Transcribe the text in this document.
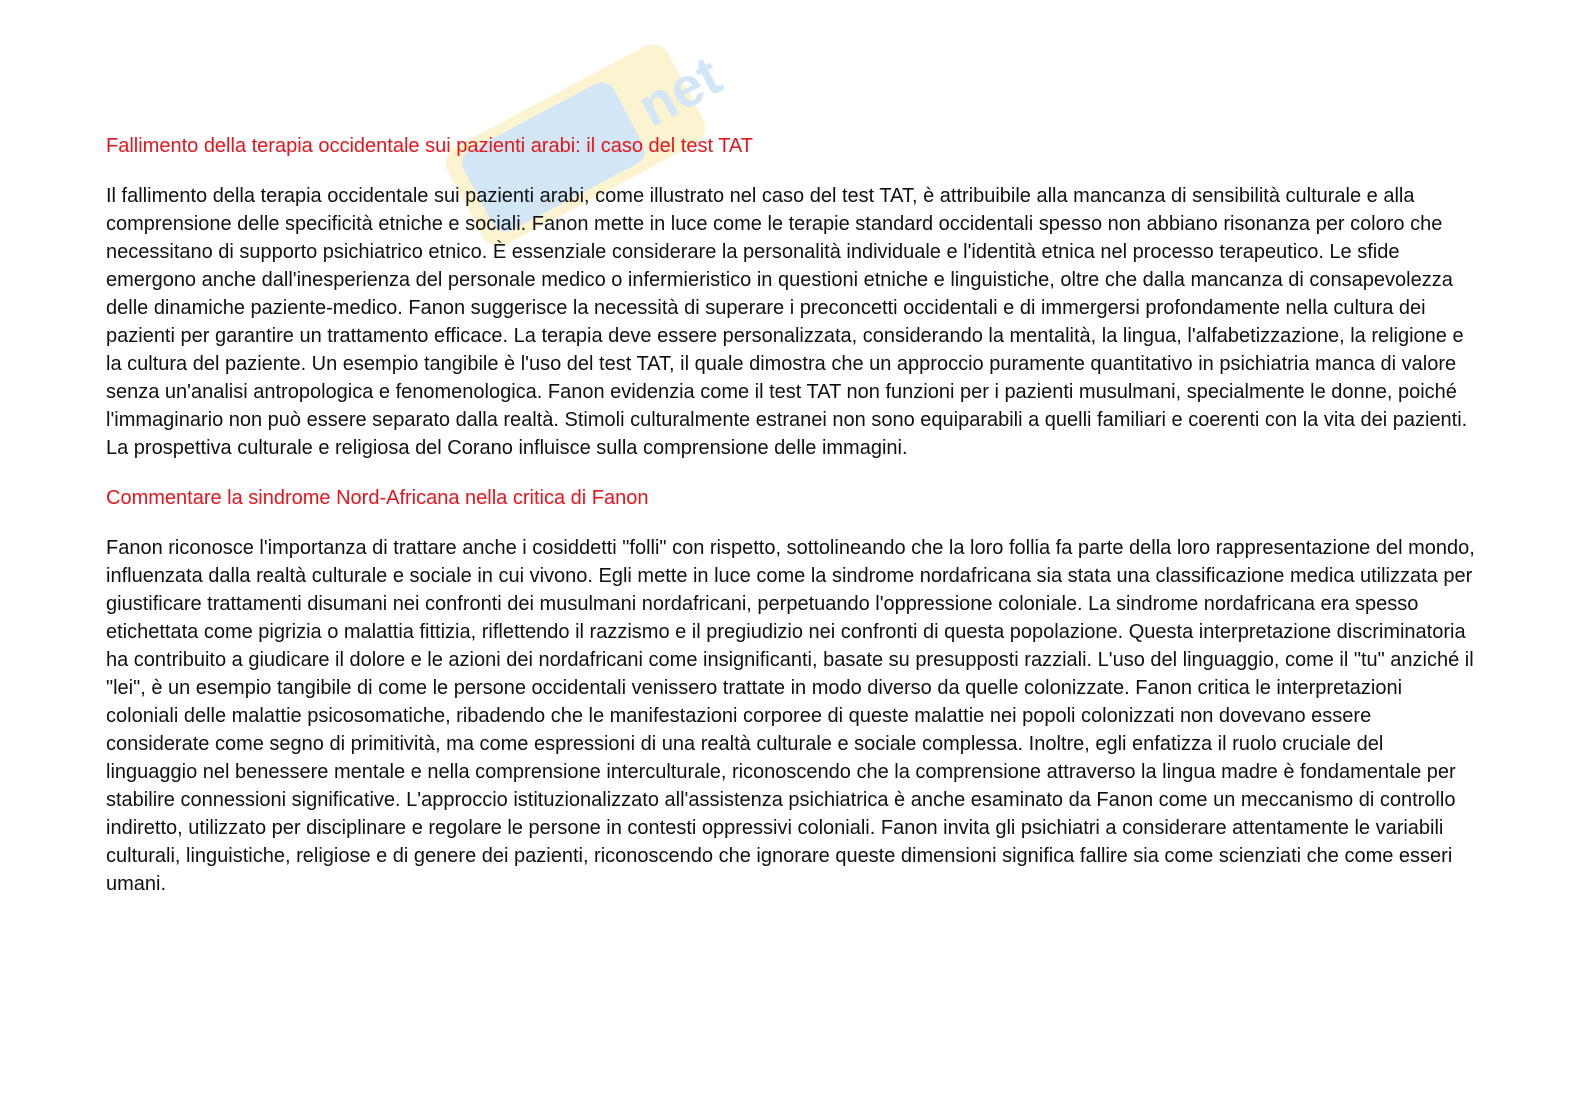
net
Fallimento della terapia occidentale sui pazienti arabi: il caso del test TAT
Il fallimento della terapia occidentale sui pazienti arabi, come illustrato nel caso del test TAT, è attribuibile alla mancanza di sensibilità culturale e alla comprensione delle specificità etniche e sociali. Fanon mette in luce come le terapie standard occidentali spesso non abbiano risonanza per coloro che necessitano di supporto psichiatrico etnico. È essenziale considerare la personalità individuale e l'identità etnica nel processo terapeutico. Le sfide emergono anche dall'inesperienza del personale medico o infermieristico in questioni etniche e linguistiche, oltre che dalla mancanza di consapevolezza delle dinamiche paziente-medico. Fanon suggerisce la necessità di superare i preconcetti occidentali e di immergersi profondamente nella cultura dei pazienti per garantire un trattamento efficace. La terapia deve essere personalizzata, considerando la mentalità, la lingua, l'alfabetizzazione, la religione e la cultura del paziente. Un esempio tangibile è l'uso del test TAT, il quale dimostra che un approccio puramente quantitativo in psichiatria manca di valore senza un'analisi antropologica e fenomenologica. Fanon evidenzia come il test TAT non funzioni per i pazienti musulmani, specialmente le donne, poiché l'immaginario non può essere separato dalla realtà. Stimoli culturalmente estranei non sono equiparabili a quelli familiari e coerenti con la vita dei pazienti. La prospettiva culturale e religiosa del Corano influisce sulla comprensione delle immagini.
Commentare la sindrome Nord-Africana nella critica di Fanon
Fanon riconosce l'importanza di trattare anche i cosiddetti "folli" con rispetto, sottolineando che la loro follia fa parte della loro rappresentazione del mondo, influenzata dalla realtà culturale e sociale in cui vivono. Egli mette in luce come la sindrome nordafricana sia stata una classificazione medica utilizzata per giustificare trattamenti disumani nei confronti dei musulmani nordafricani, perpetuando l'oppressione coloniale. La sindrome nordafricana era spesso etichettata come pigrizia o malattia fittizia, riflettendo il razzismo e il pregiudizio nei confronti di questa popolazione. Questa interpretazione discriminatoria ha contribuito a giudicare il dolore e le azioni dei nordafricani come insignificanti, basate su presupposti razziali. L'uso del linguaggio, come il "tu" anziché il "lei", è un esempio tangibile di come le persone occidentali venissero trattate in modo diverso da quelle colonizzate. Fanon critica le interpretazioni coloniali delle malattie psicosomatiche, ribadendo che le manifestazioni corporee di queste malattie nei popoli colonizzati non dovevano essere considerate come segno di primitività, ma come espressioni di una realtà culturale e sociale complessa. Inoltre, egli enfatizza il ruolo cruciale del linguaggio nel benessere mentale e nella comprensione interculturale, riconoscendo che la comprensione attraverso la lingua madre è fondamentale per stabilire connessioni significative. L'approccio istituzionalizzato all'assistenza psichiatrica è anche esaminato da Fanon come un meccanismo di controllo indiretto, utilizzato per disciplinare e regolare le persone in contesti oppressivi coloniali. Fanon invita gli psichiatri a considerare attentamente le variabili culturali, linguistiche, religiose e di genere dei pazienti, riconoscendo che ignorare queste dimensioni significa fallire sia come scienziati che come esseri umani.
